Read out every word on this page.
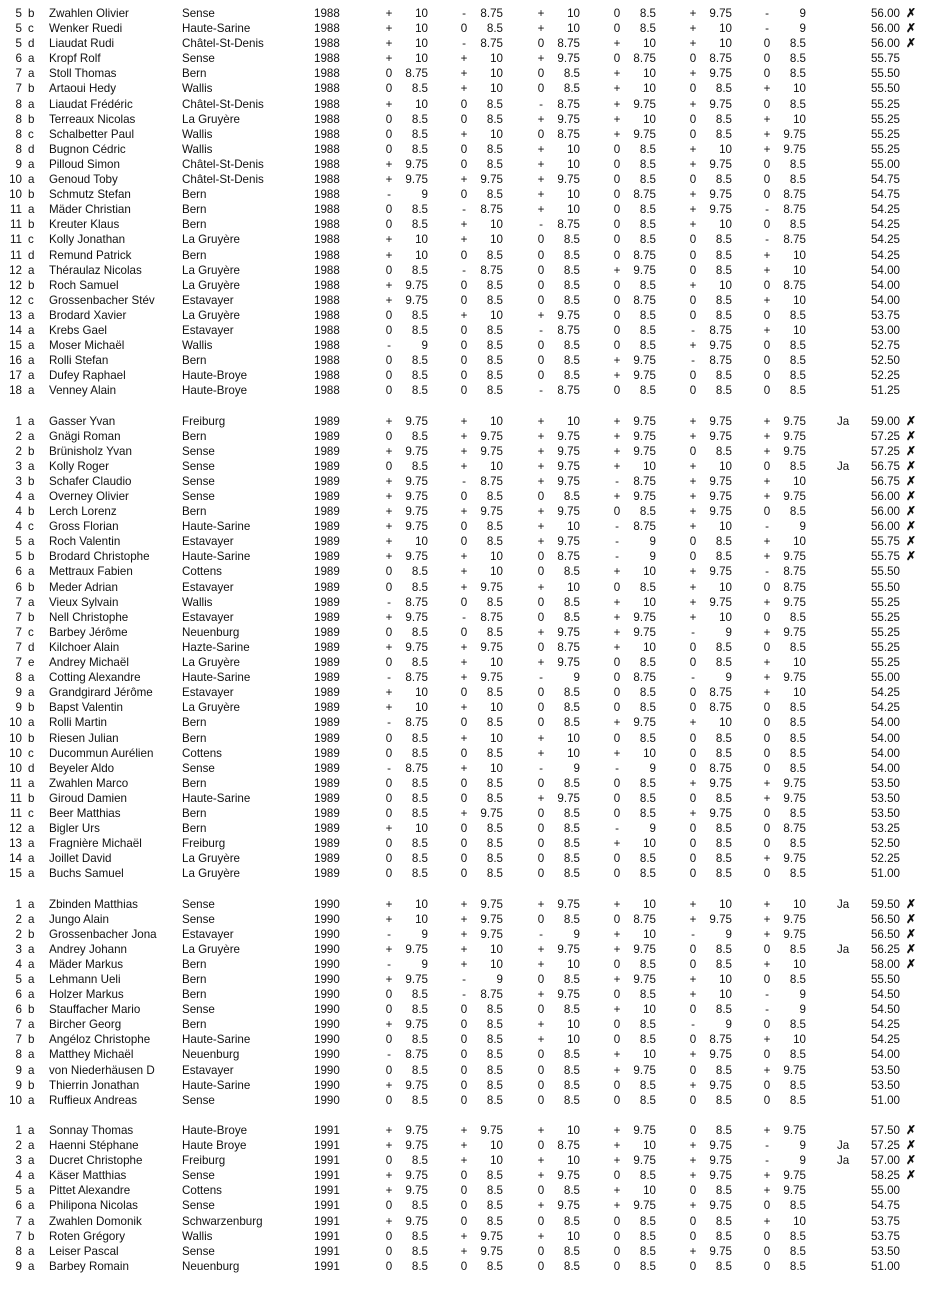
5 b	Zwahlen Olivier	Sense	1988	+	10	-	8.75	+	10	0	8.5	+	9.75	-	9	56.00 ✗
5 c	Wenker Ruedi	Haute-Sarine	1988	+	10	0	8.5	+	10	0	8.5	+	10	-	9	56.00 ✗
5 d	Liaudat Rudi	Châtel-St-Denis	1988	+	10	-	8.75	0	8.75	+	10	+	10	0	8.5	56.00 ✗
6 a	Kropf Rolf	Sense	1988	+	10	+	10	+	9.75	0	8.75	0	8.75	0	8.5	55.75
7 a	Stoll Thomas	Bern	1988	0	8.75	+	10	0	8.5	+	10	+	9.75	0	8.5	55.50
7 b	Artaoui Hedy	Wallis	1988	0	8.5	+	10	0	8.5	+	10	0	8.5	+	10	55.50
8 a	Liaudat Frédéric	Châtel-St-Denis	1988	+	10	0	8.5	-	8.75	+	9.75	+	9.75	0	8.5	55.25
8 b	Terreaux Nicolas	La Gruyère	1988	0	8.5	0	8.5	+	9.75	+	10	0	8.5	+	10	55.25
8 c	Schalbetter Paul	Wallis	1988	0	8.5	+	10	0	8.75	+	9.75	0	8.5	+	9.75	55.25
8 d	Bugnon Cédric	Wallis	1988	0	8.5	0	8.5	+	10	0	8.5	+	10	+	9.75	55.25
9 a	Pilloud Simon	Châtel-St-Denis	1988	+	9.75	0	8.5	+	10	0	8.5	+	9.75	0	8.5	55.00
10 a	Genoud Toby	Châtel-St-Denis	1988	+	9.75	+	9.75	+	9.75	0	8.5	0	8.5	0	8.5	54.75
10 b	Schmutz Stefan	Bern	1988	-	9	0	8.5	+	10	0	8.75	+	9.75	0	8.75	54.75
11 a	Mäder Christian	Bern	1988	0	8.5	-	8.75	+	10	0	8.5	+	9.75	-	8.75	54.25
11 b	Kreuter Klaus	Bern	1988	0	8.5	+	10	-	8.75	0	8.5	+	10	0	8.5	54.25
11 c	Kolly Jonathan	La Gruyère	1988	+	10	+	10	0	8.5	0	8.5	0	8.5	-	8.75	54.25
11 d	Remund Patrick	Bern	1988	+	10	0	8.5	0	8.5	0	8.75	0	8.5	+	10	54.25
12 a	Théraulaz Nicolas	La Gruyère	1988	0	8.5	-	8.75	0	8.5	+	9.75	0	8.5	+	10	54.00
12 b	Roch Samuel	La Gruyère	1988	+	9.75	0	8.5	0	8.5	0	8.5	+	10	0	8.75	54.00
12 c	Grossenbacher Stév	Estavayer	1988	+	9.75	0	8.5	0	8.5	0	8.75	0	8.5	+	10	54.00
13 a	Brodard Xavier	La Gruyère	1988	0	8.5	+	10	+	9.75	0	8.5	0	8.5	0	8.5	53.75
14 a	Krebs Gael	Estavayer	1988	0	8.5	0	8.5	-	8.75	0	8.5	-	8.75	+	10	53.00
15 a	Moser Michaël	Wallis	1988	-	9	0	8.5	0	8.5	0	8.5	+	9.75	0	8.5	52.75
16 a	Rolli Stefan	Bern	1988	0	8.5	0	8.5	0	8.5	+	9.75	-	8.75	0	8.5	52.50
17 a	Dufey Raphael	Haute-Broye	1988	0	8.5	0	8.5	0	8.5	+	9.75	0	8.5	0	8.5	52.25
18 a	Venney Alain	Haute-Broye	1988	0	8.5	0	8.5	-	8.75	0	8.5	0	8.5	0	8.5	51.25
1 a	Gasser Yvan	Freiburg	1989	+	9.75	+	10	+	10	+	9.75	+	9.75	+	9.75	Ja	59.00 ✗
2 a	Gnägi Roman	Bern	1989	0	8.5	+	9.75	+	9.75	+	9.75	+	9.75	+	9.75	57.25 ✗
2 b	Brünisholz Yvan	Sense	1989	+	9.75	+	9.75	+	9.75	+	9.75	0	8.5	+	9.75	57.25 ✗
3 a	Kolly Roger	Sense	1989	0	8.5	+	10	+	9.75	+	10	+	10	0	8.5	Ja	56.75 ✗
3 b	Schafer Claudio	Sense	1989	+	9.75	-	8.75	+	9.75	-	8.75	+	9.75	+	10	56.75 ✗
4 a	Overney Olivier	Sense	1989	+	9.75	0	8.5	0	8.5	+	9.75	+	9.75	+	9.75	56.00 ✗
4 b	Lerch Lorenz	Bern	1989	+	9.75	+	9.75	+	9.75	0	8.5	+	9.75	0	8.5	56.00 ✗
4 c	Gross Florian	Haute-Sarine	1989	+	9.75	0	8.5	+	10	-	8.75	+	10	-	9	56.00 ✗
5 a	Roch Valentin	Estavayer	1989	+	10	0	8.5	+	9.75	-	9	0	8.5	+	10	55.75 ✗
5 b	Brodard Christophe	Haute-Sarine	1989	+	9.75	+	10	0	8.75	-	9	0	8.5	+	9.75	55.75 ✗
6 a	Mettraux Fabien	Cottens	1989	0	8.5	+	10	0	8.5	+	10	+	9.75	-	8.75	55.50
6 b	Meder Adrian	Estavayer	1989	0	8.5	+	9.75	+	10	0	8.5	+	10	0	8.75	55.50
7 a	Vieux Sylvain	Wallis	1989	-	8.75	0	8.5	0	8.5	+	10	+	9.75	+	9.75	55.25
7 b	Nell Christophe	Estavayer	1989	+	9.75	-	8.75	0	8.5	+	9.75	+	10	0	8.5	55.25
7 c	Barbey Jérôme	Neuenburg	1989	0	8.5	0	8.5	+	9.75	+	9.75	-	9	+	9.75	55.25
7 d	Kilchoer Alain	Hazte-Sarine	1989	+	9.75	+	9.75	0	8.75	+	10	0	8.5	0	8.5	55.25
7 e	Andrey Michaël	La Gruyère	1989	0	8.5	+	10	+	9.75	0	8.5	0	8.5	+	10	55.25
8 a	Cotting Alexandre	Haute-Sarine	1989	-	8.75	+	9.75	-	9	0	8.75	-	9	+	9.75	55.00
9 a	Grandgirard Jérôme	Estavayer	1989	+	10	0	8.5	0	8.5	0	8.5	0	8.75	+	10	54.25
9 b	Bapst Valentin	La Gruyère	1989	+	10	+	10	0	8.5	0	8.5	0	8.75	0	8.5	54.25
10 a	Rolli Martin	Bern	1989	-	8.75	0	8.5	0	8.5	+	9.75	+	10	0	8.5	54.00
10 b	Riesen Julian	Bern	1989	0	8.5	+	10	+	10	0	8.5	0	8.5	0	8.5	54.00
10 c	Ducommun Aurélien	Cottens	1989	0	8.5	0	8.5	+	10	+	10	0	8.5	0	8.5	54.00
10 d	Beyeler Aldo	Sense	1989	-	8.75	+	10	-	9	-	9	0	8.75	0	8.5	54.00
11 a	Zwahlen Marco	Bern	1989	0	8.5	0	8.5	0	8.5	0	8.5	+	9.75	+	9.75	53.50
11 b	Giroud Damien	Haute-Sarine	1989	0	8.5	0	8.5	+	9.75	0	8.5	0	8.5	+	9.75	53.50
11 c	Beer Matthias	Bern	1989	0	8.5	+	9.75	0	8.5	0	8.5	+	9.75	0	8.5	53.50
12 a	Bigler Urs	Bern	1989	+	10	0	8.5	0	8.5	-	9	0	8.5	0	8.75	53.25
13 a	Fragnière Michaël	Freiburg	1989	0	8.5	0	8.5	0	8.5	+	10	0	8.5	0	8.5	52.50
14 a	Joillet David	La Gruyère	1989	0	8.5	0	8.5	0	8.5	0	8.5	0	8.5	+	9.75	52.25
15 a	Buchs Samuel	La Gruyère	1989	0	8.5	0	8.5	0	8.5	0	8.5	0	8.5	0	8.5	51.00
1 a	Zbinden Matthias	Sense	1990	+	10	+	9.75	+	9.75	+	10	+	10	+	10	Ja	59.50 ✗
2 a	Jungo Alain	Sense	1990	+	10	+	9.75	0	8.5	0	8.75	+	9.75	+	9.75	56.50 ✗
2 b	Grossenbacher Jona	Estavayer	1990	-	9	+	9.75	-	9	+	10	-	9	+	9.75	56.50 ✗
3 a	Andrey Johann	La Gruyère	1990	+	9.75	+	10	+	9.75	+	9.75	0	8.5	0	8.5	Ja	56.25 ✗
4 a	Mäder Markus	Bern	1990	-	9	+	10	+	10	0	8.5	0	8.5	+	10	58.00 ✗
5 a	Lehmann Ueli	Bern	1990	+	9.75	-	9	0	8.5	+	9.75	+	10	0	8.5	55.50
6 a	Holzer Markus	Bern	1990	0	8.5	-	8.75	+	9.75	0	8.5	+	10	-	9	54.50
6 b	Stauffacher Mario	Sense	1990	0	8.5	0	8.5	0	8.5	+	10	0	8.5	-	9	54.50
7 a	Bircher Georg	Bern	1990	+	9.75	0	8.5	+	10	0	8.5	-	9	0	8.5	54.25
7 b	Angéloz Christophe	Haute-Sarine	1990	0	8.5	0	8.5	+	10	0	8.5	0	8.75	+	10	54.25
8 a	Matthey Michaël	Neuenburg	1990	-	8.75	0	8.5	0	8.5	+	10	+	9.75	0	8.5	54.00
9 a	von Niederhäusen D	Estavayer	1990	0	8.5	0	8.5	0	8.5	+	9.75	0	8.5	+	9.75	53.50
9 b	Thierrin Jonathan	Haute-Sarine	1990	+	9.75	0	8.5	0	8.5	0	8.5	+	9.75	0	8.5	53.50
10 a	Ruffieux Andreas	Sense	1990	0	8.5	0	8.5	0	8.5	0	8.5	0	8.5	0	8.5	51.00
1 a	Sonnay Thomas	Haute-Broye	1991	+	9.75	+	9.75	+	10	+	9.75	0	8.5	+	9.75	57.50 ✗
2 a	Haenni Stéphane	Haute Broye	1991	+	9.75	+	10	0	8.75	+	10	+	9.75	-	9	Ja	57.25 ✗
3 a	Ducret Christophe	Freiburg	1991	0	8.5	+	10	+	10	+	9.75	+	9.75	-	9	Ja	57.00 ✗
4 a	Käser Matthias	Sense	1991	+	9.75	0	8.5	+	9.75	0	8.5	+	9.75	+	9.75	58.25 ✗
5 a	Pittet Alexandre	Cottens	1991	+	9.75	0	8.5	0	8.5	+	10	0	8.5	+	9.75	55.00
6 a	Philipona Nicolas	Sense	1991	0	8.5	0	8.5	+	9.75	+	9.75	+	9.75	0	8.5	54.75
7 a	Zwahlen Domonik	Schwarzenburg	1991	+	9.75	0	8.5	0	8.5	0	8.5	0	8.5	+	10	53.75
7 b	Roten Grégory	Wallis	1991	0	8.5	+	9.75	+	10	0	8.5	0	8.5	0	8.5	53.75
8 a	Leiser Pascal	Sense	1991	0	8.5	+	9.75	0	8.5	0	8.5	+	9.75	0	8.5	53.50
9 a	Barbey Romain	Neuenburg	1991	0	8.5	0	8.5	0	8.5	0	8.5	0	8.5	0	8.5	51.00
